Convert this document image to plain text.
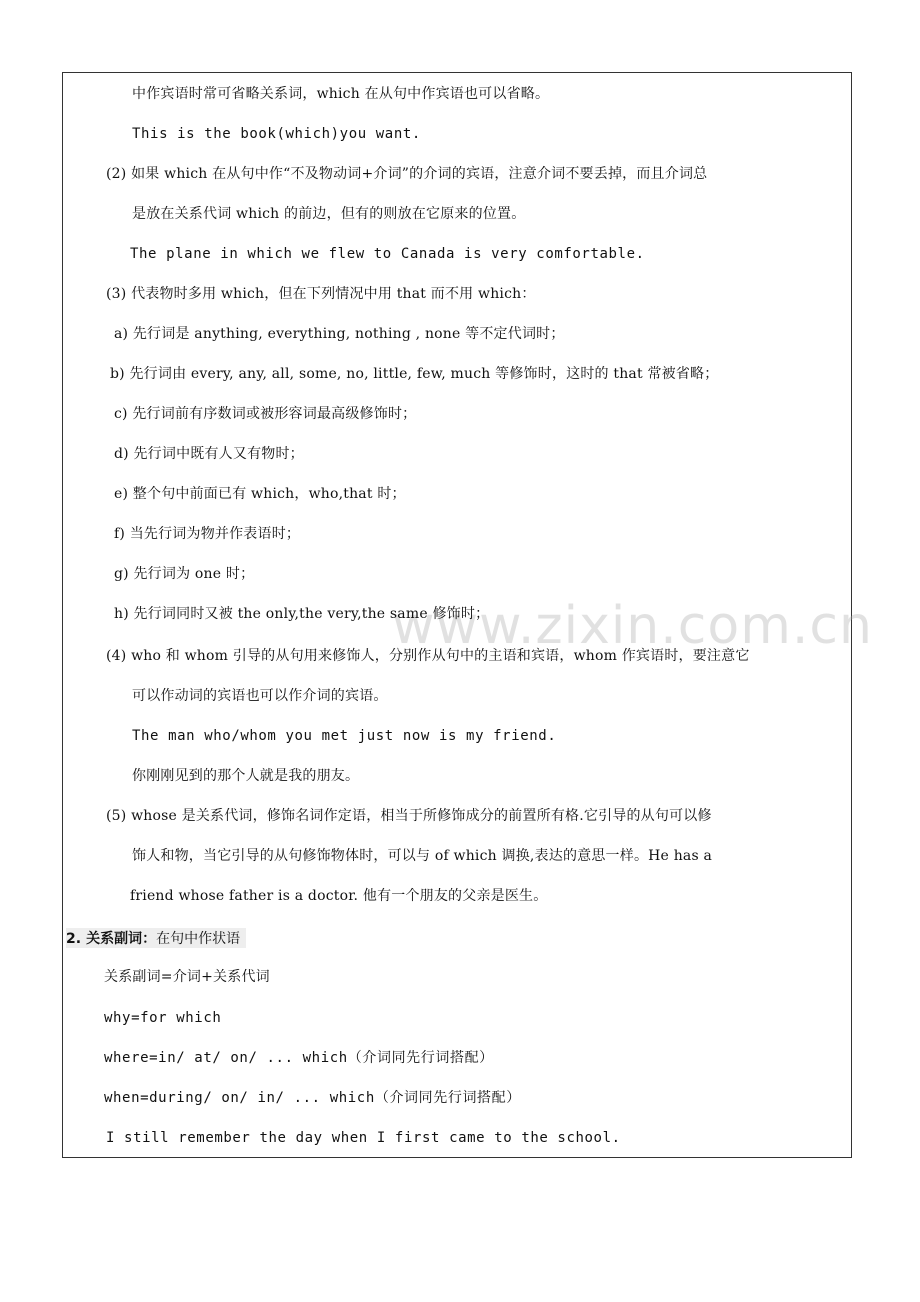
www.zixin.com.cn
中作宾语时常可省略关系词，which 在从句中作宾语也可以省略。
This is the book(which)you want.
(2) 如果 which 在从句中作“不及物动词+介词”的介词的宾语，注意介词不要丢掉，而且介词总
是放在关系代词 which 的前边，但有的则放在它原来的位置。
The plane in which we flew to Canada is very comfortable.
(3) 代表物时多用 which，但在下列情况中用 that 而不用 which：
a) 先行词是 anything, everything, nothing , none 等不定代词时；
b) 先行词由 every, any, all, some, no, little, few, much 等修饰时，这时的 that 常被省略；
c) 先行词前有序数词或被形容词最高级修饰时；
d) 先行词中既有人又有物时；
e) 整个句中前面已有 which，who,that 时；
f) 当先行词为物并作表语时；
g) 先行词为 one 时；
h) 先行词同时又被 the only,the very,the same 修饰时；
(4) who 和 whom 引导的从句用来修饰人，分别作从句中的主语和宾语，whom 作宾语时，要注意它
可以作动词的宾语也可以作介词的宾语。
The man who/whom you met just now is my friend.
你刚刚见到的那个人就是我的朋友。
(5) whose 是关系代词，修饰名词作定语，相当于所修饰成分的前置所有格.它引导的从句可以修
饰人和物，当它引导的从句修饰物体时，可以与 of which 调换,表达的意思一样。He has a
friend whose father is a doctor. 他有一个朋友的父亲是医生。
2. 关系副词：在句中作状语
关系副词=介词+关系代词
why=for which
where=in/ at/ on/ ... which（介词同先行词搭配）
when=during/ on/ in/ ... which（介词同先行词搭配）
I still remember the day when I first came to the school.
